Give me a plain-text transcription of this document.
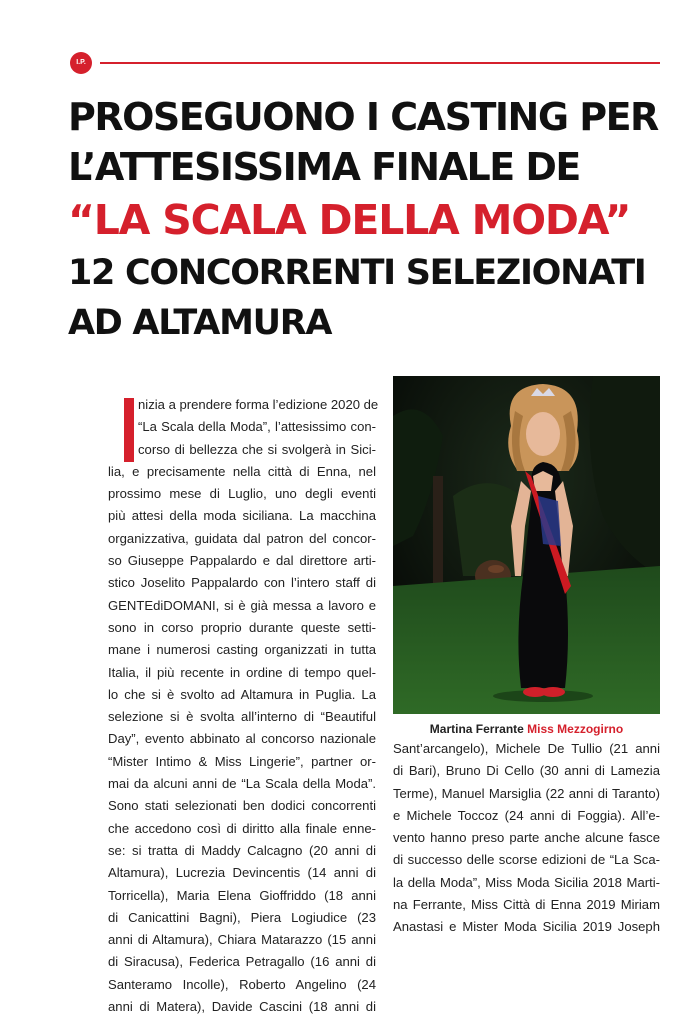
I.P.
PROSEGUONO I CASTING PER
L’ATTESISSIMA FINALE DE
“LA SCALA DELLA MODA”
12 CONCORRENTI SELEZIONATI
AD ALTAMURA
nizia a prendere forma l’edizione 2020 de
“La Scala della Moda”, l’attesissimo con-
corso di bellezza che si svolgerà in Sici-
lia, e precisamente nella città di Enna, nel
prossimo mese di Luglio, uno degli eventi
più attesi della moda siciliana. La macchina
organizzativa, guidata dal patron del concor-
so Giuseppe Pappalardo e dal direttore arti-
stico Joselito Pappalardo con l’intero staff di
GENTEdiDOMANI, si è già messa a lavoro e
sono in corso proprio durante queste setti-
mane i numerosi casting organizzati in tutta
Italia, il più recente in ordine di tempo quel-
lo che si è svolto ad Altamura in Puglia. La
selezione si è svolta all’interno di “Beautiful
Day”, evento abbinato al concorso nazionale
“Mister Intimo & Miss Lingerie”, partner or-
mai da alcuni anni de “La Scala della Moda”.
Sono stati selezionati ben dodici concorrenti
che accedono così di diritto alla finale enne-
se: si tratta di Maddy Calcagno (20 anni di
Altamura), Lucrezia Devincentis (14 anni di
Torricella), Maria Elena Gioffriddo (18 anni
di Canicattini Bagni), Piera Logiudice (23
anni di Altamura), Chiara Matarazzo (15 anni
di Siracusa), Federica Petragallo (16 anni di
Santeramo Incolle), Roberto Angelino (24
anni di Matera), Davide Cascini (18 anni di
Martina Ferrante Miss Mezzogirno
Sant’arcangelo), Michele De Tullio (21 anni
di Bari), Bruno Di Cello (30 anni di Lamezia
Terme), Manuel Marsiglia (22 anni di Taranto)
e Michele Toccoz (24 anni di Foggia). All’e-
vento hanno preso parte anche alcune fasce
di successo delle scorse edizioni de “La Sca-
la della Moda”, Miss Moda Sicilia 2018 Marti-
na Ferrante, Miss Città di Enna 2019 Miriam
Anastasi e Mister Moda Sicilia 2019 Joseph
